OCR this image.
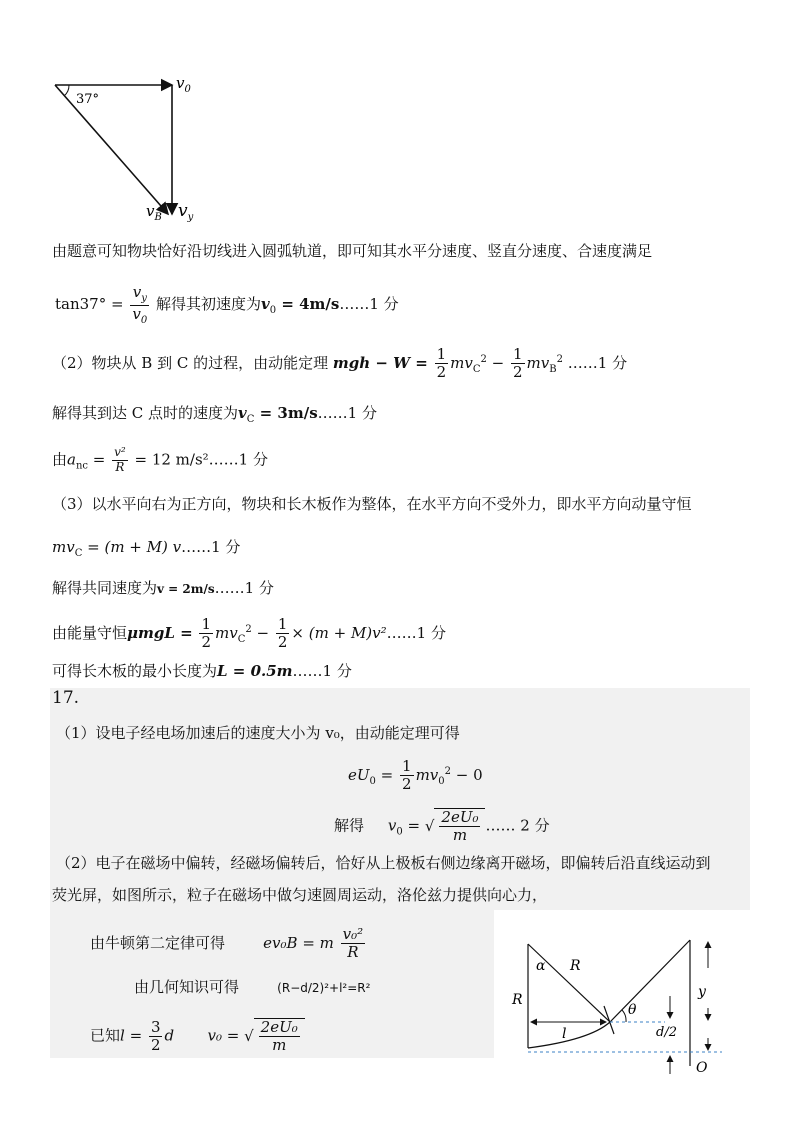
37°
$v_0$
$v_B$ $v_y$
由题意可知物块恰好沿切线进入圆弧轨道，即可知其水平分速度、竖直分速度、合速度满足
$\tan 37^\circ = \frac{v_y}{v_0}$ 解得其初速度为$v_0$ = 4m/s……1 分
（2）物块从 B 到 C 的过程，由动能定理 mgh − $W = \frac{1}{2} mv_C^2 - \frac{1}{2} mv_B^2$ ……1 分
解得其到达 C 点时的速度为$v_C$ = 3m/s……1 分
由$a_{nc} = \frac{\text{v²}}{R} = 12$ m/s²……1 分
（3）以水平向右为正方向，物块和长木板作为整体，在水平方向不受外力，即水平方向动量守恒
$mv_C = (m + M)$ v……1 分
解得共同速度为v = 2m/s……1 分
由能量守恒$\mu mgL = \frac{1}{2} mv_C^2 - \frac{1}{2} \times (m$ + M)v²……1 分
可得长木板的最小长度为L = 0.5m……1 分
17.
（1）设电子经电场加速后的速度大小为 v₀，由动能定理可得
$eU_0 = \frac{1}{2} mv_0^2 - 0$
解得 $v_0$ = √ $\frac{\text{2eU₀}}{m}$ …… 2 分
（2）电子在磁场中偏转，经磁场偏转后，恰好从上极板右侧边缘离开磁场，即偏转后沿直线运动到
荧光屏，如图所示，粒子在磁场中做匀速圆周运动，洛伦兹力提供向心力，
由牛顿第二定律可得	ev₀B = m $\frac{\text{v₀²}}{R}$
由几何知识可得	(R−d/2)²+l²=R²
已知$l = \frac{3}{2}$ d v₀ = √ $\frac{\text{2eU₀}}{m}$
α R
R
l
θ
y
d/2
O
